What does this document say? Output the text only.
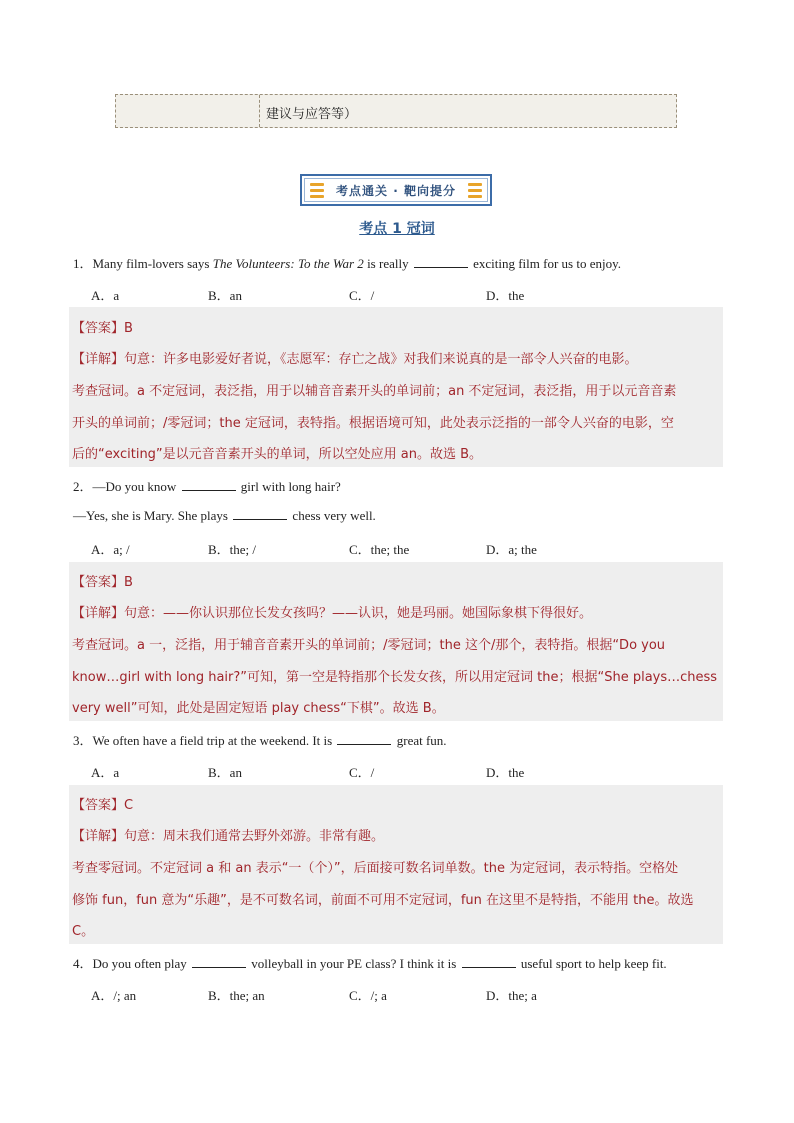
建议与应答等）
考点通关 · 靶向提分
考点 1 冠词
1．Many film-lovers says The Volunteers: To the War 2 is really	exciting film for us to enjoy.
A．a	B．an	C．/	D．the
【答案】B
【详解】句意：许多电影爱好者说，《志愿军：存亡之战》对我们来说真的是一部令人兴奋的电影。
考查冠词。a 不定冠词，表泛指，用于以辅音音素开头的单词前；an 不定冠词，表泛指，用于以元音音素
开头的单词前；/零冠词；the 定冠词，表特指。根据语境可知，此处表示泛指的一部令人兴奋的电影，空
后的“exciting”是以元音音素开头的单词，所以空处应用 an。故选 B。
2．—Do you know	girl with long hair?
—Yes, she is Mary. She plays	chess very well.
A．a; /	B．the; /	C．the; the	D．a; the
【答案】B
【详解】句意：——你认识那位长发女孩吗？——认识，她是玛丽。她国际象棋下得很好。
考查冠词。a 一，泛指，用于辅音音素开头的单词前；/零冠词；the 这个/那个，表特指。根据“Do you
know…girl with long hair?”可知，第一空是特指那个长发女孩，所以用定冠词 the；根据“She plays…chess
very well”可知，此处是固定短语 play chess“下棋”。故选 B。
3．We often have a field trip at the weekend. It is	great fun.
A．a	B．an	C．/	D．the
【答案】C
【详解】句意：周末我们通常去野外郊游。非常有趣。
考查零冠词。不定冠词 a 和 an 表示“一（个）”，后面接可数名词单数。the 为定冠词，表示特指。空格处
修饰 fun，fun 意为“乐趣”，是不可数名词，前面不可用不定冠词，fun 在这里不是特指，不能用 the。故选
C。
4．Do you often play	volleyball in your PE class? I think it is	useful sport to help keep fit.
A．/; an	B．the; an	C．/; a	D．the; a
